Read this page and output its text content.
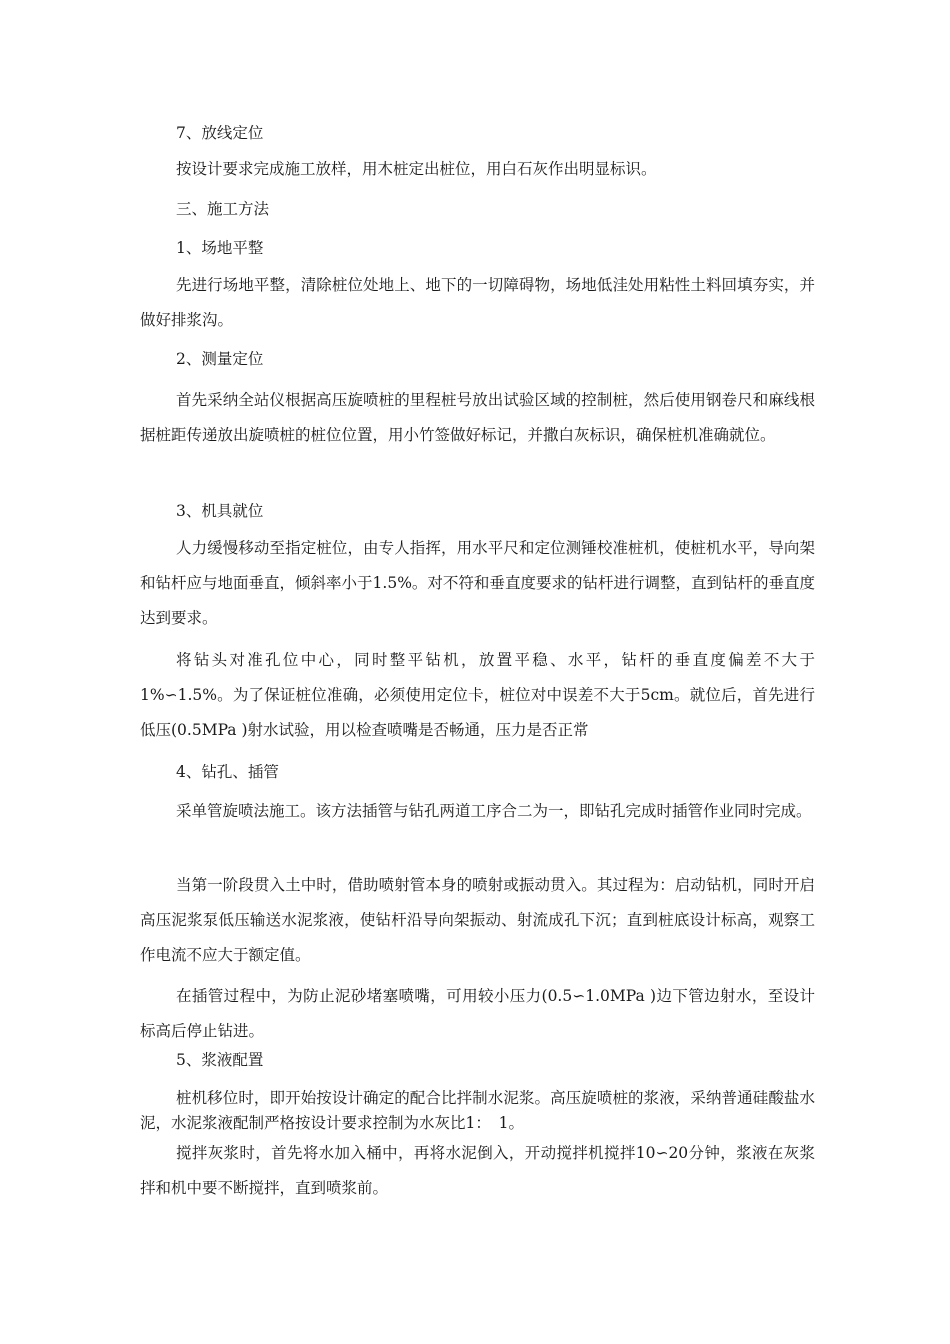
7、放线定位

按设计要求完成施工放样，用木桩定出桩位，用白石灰作出明显标识。

三、施工方法

1、场地平整

先进行场地平整，清除桩位处地上、地下的一切障碍物，场地低洼处用粘性土料回填夯实，并做好排浆沟。

2、测量定位

首先采纳全站仪根据高压旋喷桩的里程桩号放出试验区域的控制桩，然后使用钢卷尺和麻线根据桩距传递放出旋喷桩的桩位位置，用小竹签做好标记，并撒白灰标识，确保桩机准确就位。

3、机具就位

人力缓慢移动至指定桩位，由专人指挥，用水平尺和定位测锤校准桩机，使桩机水平，导向架和钻杆应与地面垂直，倾斜率小于1.5%。对不符和垂直度要求的钻杆进行调整，直到钻杆的垂直度达到要求。

将钻头对准孔位中心，同时整平钻机，放置平稳、水平，钻杆的垂直度偏差不大于1%∽1.5%。为了保证桩位准确，必须使用定位卡，桩位对中误差不大于5cm。就位后，首先进行低压(0.5MPa )射水试验，用以检查喷嘴是否畅通，压力是否正常

4、钻孔、插管

采单管旋喷法施工。该方法插管与钻孔两道工序合二为一，即钻孔完成时插管作业同时完成。

当第一阶段贯入土中时，借助喷射管本身的喷射或振动贯入。其过程为：启动钻机，同时开启高压泥浆泵低压输送水泥浆液，使钻杆沿导向架振动、射流成孔下沉；直到桩底设计标高，观察工作电流不应大于额定值。

在插管过程中，为防止泥砂堵塞喷嘴，可用较小压力(0.5∽1.0MPa )边下管边射水，至设计标高后停止钻进。

5、浆液配置

桩机移位时，即开始按设计确定的配合比拌制水泥浆。高压旋喷桩的浆液，采纳普通硅酸盐水泥，水泥浆液配制严格按设计要求控制为水灰比1：　1。

搅拌灰浆时，首先将水加入桶中，再将水泥倒入，开动搅拌机搅拌10∽20分钟，浆液在灰浆拌和机中要不断搅拌，直到喷浆前。
